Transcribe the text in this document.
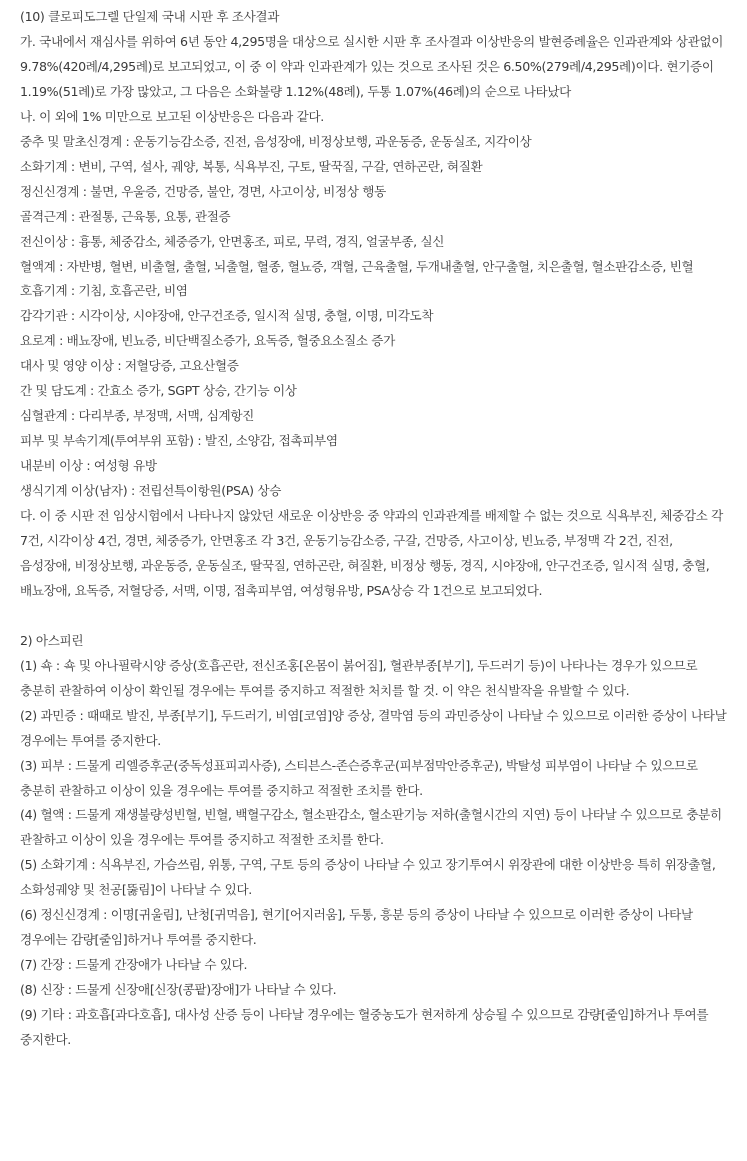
(10) 클로피도그렐 단일제 국내 시판 후 조사결과

가. 국내에서 재심사를 위하여 6년 동안 4,295명을 대상으로 실시한 시판 후 조사결과 이상반응의 발현증례율은 인과관계와 상관없이 9.78%(420례/4,295례)로 보고되었고, 이 중 이 약과 인과관계가 있는 것으로 조사된 것은 6.50%(279례/4,295례)이다. 현기증이 1.19%(51례)로 가장 많았고, 그 다음은 소화불량 1.12%(48례), 두통 1.07%(46례)의 순으로 나타났다

나. 이 외에 1% 미만으로 보고된 이상반응은 다음과 같다.

중추 및 말초신경계 : 운동기능감소증, 진전, 음성장애, 비정상보행, 과운동증, 운동실조, 지각이상

소화기계 : 변비, 구역, 설사, 궤양, 복통, 식욕부진, 구토, 딸꾹질, 구갈, 연하곤란, 혀질환

정신신경계 : 불면, 우울증, 건망증, 불안, 경면, 사고이상, 비정상 행동

골격근계 : 관절통, 근육통, 요통, 관절증

전신이상 : 흉통, 체중감소, 체중증가, 안면홍조, 피로, 무력, 경직, 얼굴부종, 실신

혈액계 : 자반병, 혈변, 비출혈, 출혈, 뇌출혈, 혈종, 혈뇨증, 객혈, 근육출혈, 두개내출혈, 안구출혈, 치은출혈, 혈소판감소증, 빈혈

호흡기계 : 기침, 호흡곤란, 비염

감각기관 : 시각이상, 시야장애, 안구건조증, 일시적 실명, 충혈, 이명, 미각도착

요로계 : 배뇨장애, 빈뇨증, 비단백질소증가, 요독증, 혈중요소질소 증가

대사 및 영양 이상 : 저혈당증, 고요산혈증

간 및 담도계 : 간효소 증가, SGPT 상승, 간기능 이상

심혈관계 : 다리부종, 부정맥, 서맥, 심계항진

피부 및 부속기계(투여부위 포함) : 발진, 소양감, 접촉피부염

내분비 이상 : 여성형 유방

생식기계 이상(남자) : 전립선특이항원(PSA) 상승

다. 이 중 시판 전 임상시험에서 나타나지 않았던 새로운 이상반응 중 약과의 인과관계를 배제할 수 없는 것으로 식욕부진, 체중감소 각 7건, 시각이상 4건, 경면, 체중증가, 안면홍조 각 3건, 운동기능감소증, 구갈, 건망증, 사고이상, 빈뇨증, 부정맥 각 2건, 진전, 음성장애, 비정상보행, 과운동증, 운동실조, 딸꾹질, 연하곤란, 혀질환, 비정상 행동, 경직, 시야장애, 안구건조증, 일시적 실명, 충혈, 배뇨장애, 요독증, 저혈당증, 서맥, 이명, 접촉피부염, 여성형유방, PSA상승 각 1건으로 보고되었다.

2) 아스피린

(1) 쇽 : 쇽 및 아나필락시양 증상(호흡곤란, 전신조홍[온몸이 붉어짐], 혈관부종[부기], 두드러기 등)이 나타나는 경우가 있으므로 충분히 관찰하여 이상이 확인될 경우에는 투여를 중지하고 적절한 처치를 할 것. 이 약은 천식발작을 유발할 수 있다.

(2) 과민증 : 때때로 발진, 부종[부기], 두드러기, 비염[코염]양 증상, 결막염 등의 과민증상이 나타날 수 있으므로 이러한 증상이 나타날 경우에는 투여를 중지한다.

(3) 피부 : 드물게 리엘증후군(중독성표피괴사증), 스티븐스-존슨증후군(피부점막안증후군), 박탈성 피부염이 나타날 수 있으므로 충분히 관찰하고 이상이 있을 경우에는 투여를 중지하고 적절한 조치를 한다.

(4) 혈액 : 드물게 재생불량성빈혈, 빈혈, 백혈구감소, 혈소판감소, 혈소판기능 저하(출혈시간의 지연) 등이 나타날 수 있으므로 충분히 관찰하고 이상이 있을 경우에는 투여를 중지하고 적절한 조치를 한다.

(5) 소화기계 : 식욕부진, 가슴쓰림, 위통, 구역, 구토 등의 증상이 나타날 수 있고 장기투여시 위장관에 대한 이상반응 특히 위장출혈, 소화성궤양 및 천공[뚫림]이 나타날 수 있다.

(6) 정신신경계 : 이명[귀울림], 난청[귀먹음], 현기[어지러움], 두통, 흥분 등의 증상이 나타날 수 있으므로 이러한 증상이 나타날 경우에는 감량[줄임]하거나 투여를 중지한다.

(7) 간장 : 드물게 간장애가 나타날 수 있다.

(8) 신장 : 드물게 신장애[신장(콩팥)장애]가 나타날 수 있다.

(9) 기타 : 과호흡[과다호흡], 대사성 산증 등이 나타날 경우에는 혈중농도가 현저하게 상승될 수 있으므로 감량[줄임]하거나 투여를 중지한다.
